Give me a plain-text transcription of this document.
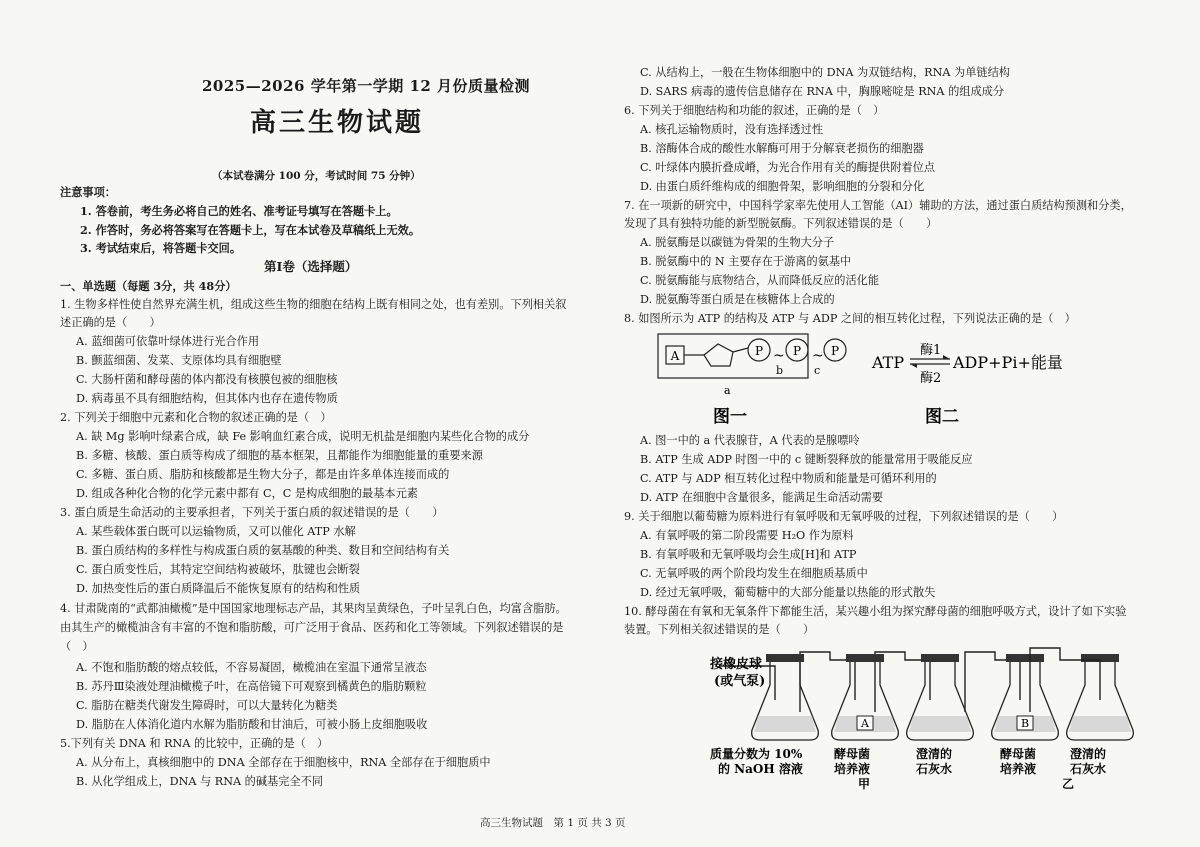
2025—2026 学年第一学期 12 月份质量检测
高三生物试题
（本试卷满分 100 分，考试时间 75 分钟）
注意事项：
1. 答卷前，考生务必将自己的姓名、准考证号填写在答题卡上。
2. 作答时，务必将答案写在答题卡上，写在本试卷及草稿纸上无效。
3. 考试结束后，将答题卡交回。
第Ⅰ卷（选择题）
一、单选题（每题 3分，共 48分）
1. 生物多样性使自然界充满生机，组成这些生物的细胞在结构上既有相同之处，也有差别。下列相关叙
述正确的是（　　）
A. 蓝细菌可依靠叶绿体进行光合作用
B. 颤蓝细菌、发菜、支原体均具有细胞壁
C. 大肠杆菌和酵母菌的体内都没有核膜包被的细胞核
D. 病毒虽不具有细胞结构，但其体内也存在遗传物质
2. 下列关于细胞中元素和化合物的叙述正确的是（　）
A. 缺 Mg 影响叶绿素合成，缺 Fe 影响血红素合成，说明无机盐是细胞内某些化合物的成分
B. 多糖、核酸、蛋白质等构成了细胞的基本框架，且都能作为细胞能量的重要来源
C. 多糖、蛋白质、脂肪和核酸都是生物大分子，都是由许多单体连接而成的
D. 组成各种化合物的化学元素中都有 C，C 是构成细胞的最基本元素
3. 蛋白质是生命活动的主要承担者，下列关于蛋白质的叙述错误的是（　　）
A. 某些载体蛋白既可以运输物质，又可以催化 ATP 水解
B. 蛋白质结构的多样性与构成蛋白质的氨基酸的种类、数目和空间结构有关
C. 蛋白质变性后，其特定空间结构被破坏，肽键也会断裂
D. 加热变性后的蛋白质降温后不能恢复原有的结构和性质
4. 甘肃陇南的“武都油橄榄”是中国国家地理标志产品，其果肉呈黄绿色，子叶呈乳白色，均富含脂肪。
由其生产的橄榄油含有丰富的不饱和脂肪酸，可广泛用于食品、医药和化工等领域。下列叙述错误的是
（　）
A. 不饱和脂肪酸的熔点较低，不容易凝固，橄榄油在室温下通常呈液态
B. 苏丹Ⅲ染液处理油橄榄子叶，在高倍镜下可观察到橘黄色的脂肪颗粒
C. 脂肪在糖类代谢发生障碍时，可以大量转化为糖类
D. 脂肪在人体消化道内水解为脂肪酸和甘油后，可被小肠上皮细胞吸收
5.下列有关 DNA 和 RNA 的比较中，正确的是（　）
A. 从分布上，真核细胞中的 DNA 全部存在于细胞核中，RNA 全部存在于细胞质中
B. 从化学组成上，DNA 与 RNA 的碱基完全不同
C. 从结构上，一般在生物体细胞中的 DNA 为双链结构，RNA 为单链结构
D. SARS 病毒的遗传信息储存在 RNA 中，胸腺嘧啶是 RNA 的组成成分
6. 下列关于细胞结构和功能的叙述，正确的是（　）
A. 核孔运输物质时，没有选择透过性
B. 溶酶体合成的酸性水解酶可用于分解衰老损伤的细胞器
C. 叶绿体内膜折叠成嵴，为光合作用有关的酶提供附着位点
D. 由蛋白质纤维构成的细胞骨架，影响细胞的分裂和分化
7. 在一项新的研究中，中国科学家率先使用人工智能（AI）辅助的方法，通过蛋白质结构预测和分类，
发现了具有独特功能的新型脱氨酶。下列叙述错误的是（　　）
A. 脱氨酶是以碳链为骨架的生物大分子
B. 脱氨酶中的 N 主要存在于游离的氨基中
C. 脱氨酶能与底物结合，从而降低反应的活化能
D. 脱氨酶等蛋白质是在核糖体上合成的
8. 如图所示为 ATP 的结构及 ATP 与 ADP 之间的相互转化过程，下列说法正确的是（　）
A	P ~ P ~ P
b	c
a
图一
ATP
酶1
酶2
ADP+Pi+能量
图二
A. 图一中的 a 代表腺苷，A 代表的是腺嘌呤
B. ATP 生成 ADP 时图一中的 c 键断裂释放的能量常用于吸能反应
C. ATP 与 ADP 相互转化过程中物质和能量是可循环利用的
D. ATP 在细胞中含量很多，能满足生命活动需要
9. 关于细胞以葡萄糖为原料进行有氧呼吸和无氧呼吸的过程，下列叙述错误的是（　　）
A. 有氧呼吸的第二阶段需要 H₂O 作为原料
B. 有氧呼吸和无氧呼吸均会生成[H]和 ATP
C. 无氧呼吸的两个阶段均发生在细胞质基质中
D. 经过无氧呼吸，葡萄糖中的大部分能量以热能的形式散失
10. 酵母菌在有氧和无氧条件下都能生活，某兴趣小组为探究酵母菌的细胞呼吸方式，设计了如下实验
装置。下列相关叙述错误的是（　　）
A	B
接橡皮球
(或气泵)
质量分数为 10%
的 NaOH 溶液
酵母菌
培养液
甲
澄清的
石灰水
酵母菌
培养液
澄清的
石灰水
乙
高三生物试题　第 1 页 共 3 页
